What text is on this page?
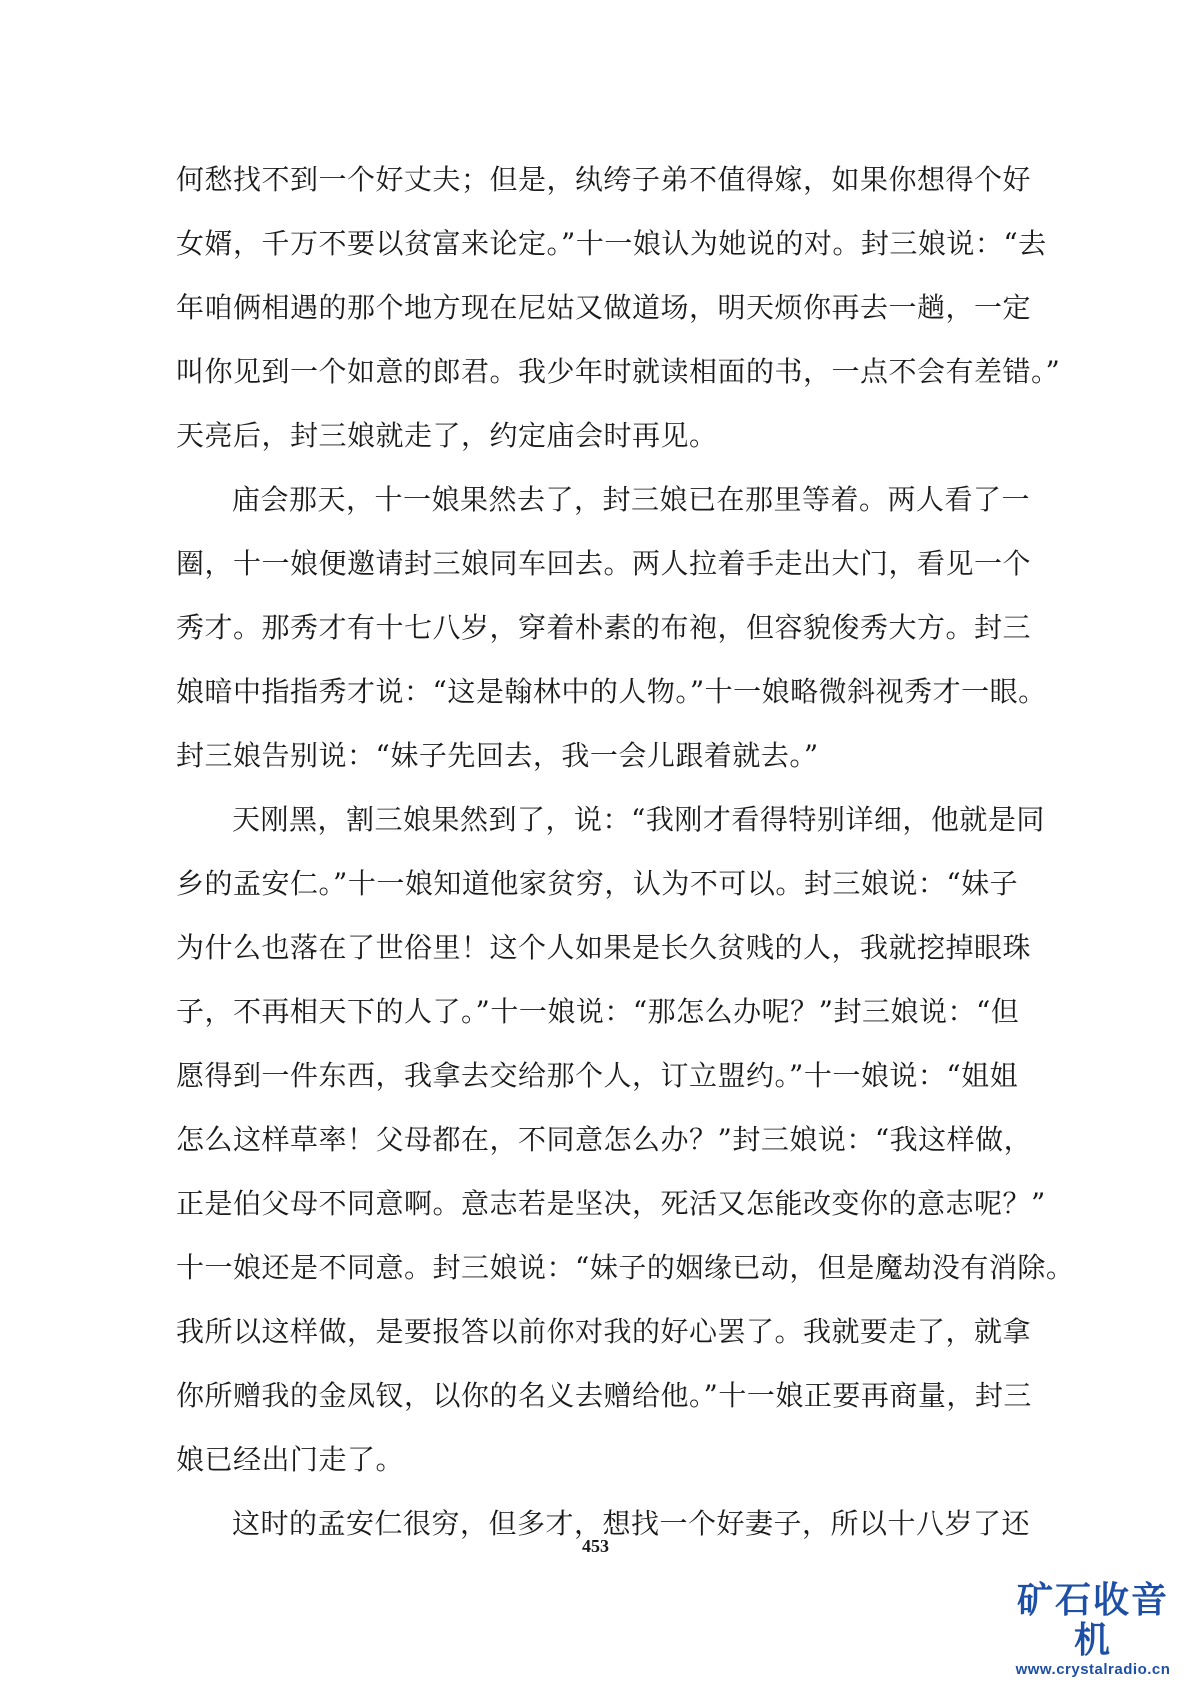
何愁找不到一个好丈夫；但是，纨绔子弟不值得嫁，如果你想得个好
女婿，千万不要以贫富来论定。”十一娘认为她说的对。封三娘说：“去
年咱俩相遇的那个地方现在尼姑又做道场，明天烦你再去一趟，一定
叫你见到一个如意的郎君。我少年时就读相面的书，一点不会有差错。”
天亮后，封三娘就走了，约定庙会时再见。
庙会那天，十一娘果然去了，封三娘已在那里等着。两人看了一
圈，十一娘便邀请封三娘同车回去。两人拉着手走出大门，看见一个
秀才。那秀才有十七八岁，穿着朴素的布袍，但容貌俊秀大方。封三
娘暗中指指秀才说：“这是翰林中的人物。”十一娘略微斜视秀才一眼。
封三娘告别说：“妹子先回去，我一会儿跟着就去。”
天刚黑，割三娘果然到了，说：“我刚才看得特别详细，他就是同
乡的孟安仁。”十一娘知道他家贫穷，认为不可以。封三娘说：“妹子
为什么也落在了世俗里！这个人如果是长久贫贱的人，我就挖掉眼珠
子，不再相天下的人了。”十一娘说：“那怎么办呢？”封三娘说：“但
愿得到一件东西，我拿去交给那个人，订立盟约。”十一娘说：“姐姐
怎么这样草率！父母都在，不同意怎么办？”封三娘说：“我这样做，
正是伯父母不同意啊。意志若是坚决，死活又怎能改变你的意志呢？”
十一娘还是不同意。封三娘说：“妹子的姻缘已动，但是魔劫没有消除。
我所以这样做，是要报答以前你对我的好心罢了。我就要走了，就拿
你所赠我的金凤钗，以你的名义去赠给他。”十一娘正要再商量，封三
娘已经出门走了。
这时的孟安仁很穷，但多才，想找一个好妻子，所以十八岁了还
453
矿石收音机
www.crystalradio.cn
